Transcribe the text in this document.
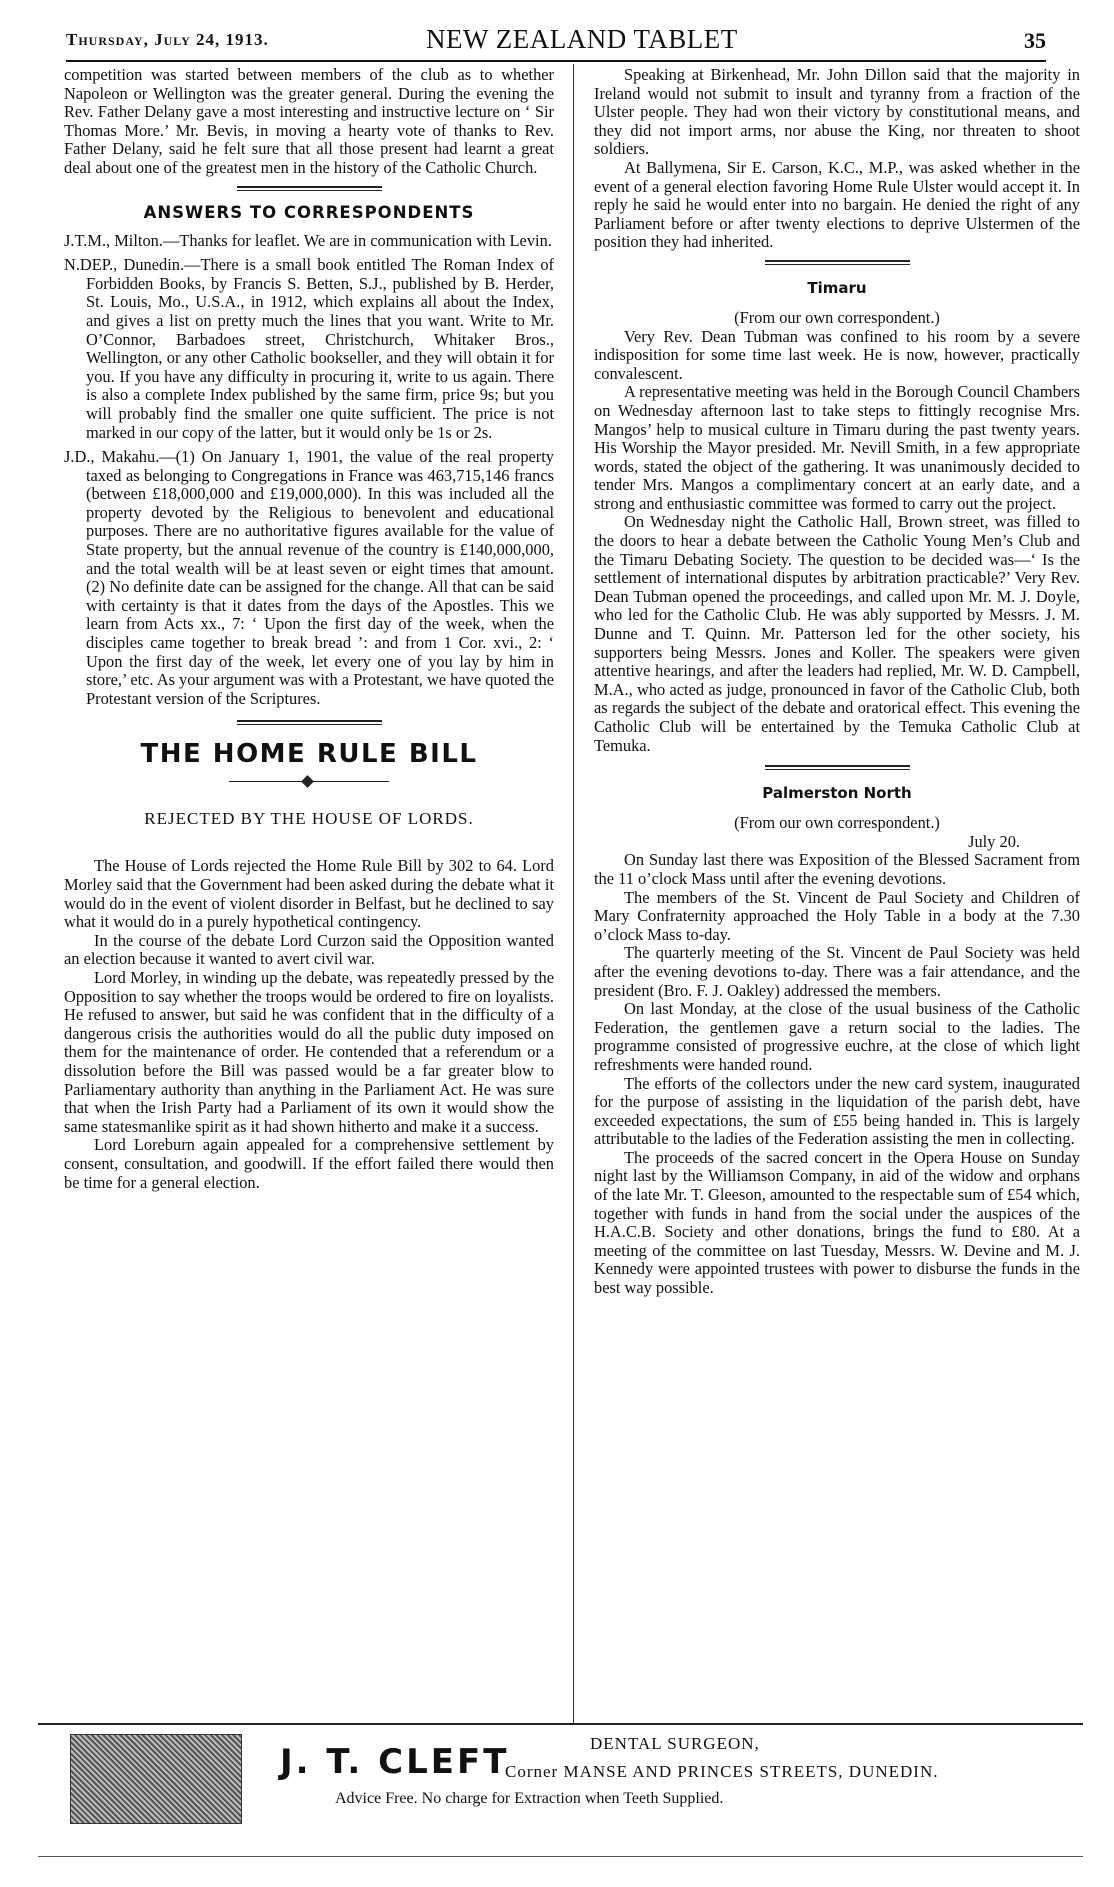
Thursday, July 24, 1913.	NEW ZEALAND TABLET	35

competition was started between members of the club as to whether Napoleon or Wellington was the greater general. During the evening the Rev. Father Delany gave a most interesting and instructive lecture on ‘ Sir Thomas More.’ Mr. Bevis, in moving a hearty vote of thanks to Rev. Father Delany, said he felt sure that all those present had learnt a great deal about one of the greatest men in the history of the Catholic Church.

ANSWERS TO CORRESPONDENTS

J.T.M., Milton.—Thanks for leaflet. We are in communication with Levin.

N.DEP., Dunedin.—There is a small book entitled The Roman Index of Forbidden Books, by Francis S. Betten, S.J., published by B. Herder, St. Louis, Mo., U.S.A., in 1912, which explains all about the Index, and gives a list on pretty much the lines that you want. Write to Mr. O’Connor, Barbadoes street, Christchurch, Whitaker Bros., Wellington, or any other Catholic bookseller, and they will obtain it for you. If you have any difficulty in procuring it, write to us again. There is also a complete Index published by the same firm, price 9s; but you will probably find the smaller one quite sufficient. The price is not marked in our copy of the latter, but it would only be 1s or 2s.

J.D., Makahu.—(1) On January 1, 1901, the value of the real property taxed as belonging to Congregations in France was 463,715,146 francs (between £18,000,000 and £19,000,000). In this was included all the property devoted by the Religious to benevolent and educational purposes. There are no authoritative figures available for the value of State property, but the annual revenue of the country is £140,000,000, and the total wealth will be at least seven or eight times that amount. (2) No definite date can be assigned for the change. All that can be said with certainty is that it dates from the days of the Apostles. This we learn from Acts xx., 7: ‘ Upon the first day of the week, when the disciples came together to break bread ’: and from 1 Cor. xvi., 2: ‘ Upon the first day of the week, let every one of you lay by him in store,’ etc. As your argument was with a Protestant, we have quoted the Protestant version of the Scriptures.

THE HOME RULE BILL
REJECTED BY THE HOUSE OF LORDS.

The House of Lords rejected the Home Rule Bill by 302 to 64. Lord Morley said that the Government had been asked during the debate what it would do in the event of violent disorder in Belfast, but he declined to say what it would do in a purely hypothetical contingency.

In the course of the debate Lord Curzon said the Opposition wanted an election because it wanted to avert civil war.

Lord Morley, in winding up the debate, was repeatedly pressed by the Opposition to say whether the troops would be ordered to fire on loyalists. He refused to answer, but said he was confident that in the difficulty of a dangerous crisis the authorities would do all the public duty imposed on them for the maintenance of order. He contended that a referendum or a dissolution before the Bill was passed would be a far greater blow to Parliamentary authority than anything in the Parliament Act. He was sure that when the Irish Party had a Parliament of its own it would show the same statesmanlike spirit as it had shown hitherto and make it a success.

Lord Loreburn again appealed for a comprehensive settlement by consent, consultation, and goodwill. If the effort failed there would then be time for a general election.

Speaking at Birkenhead, Mr. John Dillon said that the majority in Ireland would not submit to insult and tyranny from a fraction of the Ulster people. They had won their victory by constitutional means, and they did not import arms, nor abuse the King, nor threaten to shoot soldiers.

At Ballymena, Sir E. Carson, K.C., M.P., was asked whether in the event of a general election favoring Home Rule Ulster would accept it. In reply he said he would enter into no bargain. He denied the right of any Parliament before or after twenty elections to deprive Ulstermen of the position they had inherited.

Timaru
(From our own correspondent.)

Very Rev. Dean Tubman was confined to his room by a severe indisposition for some time last week. He is now, however, practically convalescent.

A representative meeting was held in the Borough Council Chambers on Wednesday afternoon last to take steps to fittingly recognise Mrs. Mangos’ help to musical culture in Timaru during the past twenty years. His Worship the Mayor presided. Mr. Nevill Smith, in a few appropriate words, stated the object of the gathering. It was unanimously decided to tender Mrs. Mangos a complimentary concert at an early date, and a strong and enthusiastic committee was formed to carry out the project.

On Wednesday night the Catholic Hall, Brown street, was filled to the doors to hear a debate between the Catholic Young Men’s Club and the Timaru Debating Society. The question to be decided was—‘ Is the settlement of international disputes by arbitration practicable?’ Very Rev. Dean Tubman opened the proceedings, and called upon Mr. M. J. Doyle, who led for the Catholic Club. He was ably supported by Messrs. J. M. Dunne and T. Quinn. Mr. Patterson led for the other society, his supporters being Messrs. Jones and Koller. The speakers were given attentive hearings, and after the leaders had replied, Mr. W. D. Campbell, M.A., who acted as judge, pronounced in favor of the Catholic Club, both as regards the subject of the debate and oratorical effect. This evening the Catholic Club will be entertained by the Temuka Catholic Club at Temuka.

Palmerston North
(From our own correspondent.)
July 20.

On Sunday last there was Exposition of the Blessed Sacrament from the 11 o’clock Mass until after the evening devotions.

The members of the St. Vincent de Paul Society and Children of Mary Confraternity approached the Holy Table in a body at the 7.30 o’clock Mass to-day.

The quarterly meeting of the St. Vincent de Paul Society was held after the evening devotions to-day. There was a fair attendance, and the president (Bro. F. J. Oakley) addressed the members.

On last Monday, at the close of the usual business of the Catholic Federation, the gentlemen gave a return social to the ladies. The programme consisted of progressive euchre, at the close of which light refreshments were handed round.

The efforts of the collectors under the new card system, inaugurated for the purpose of assisting in the liquidation of the parish debt, have exceeded expectations, the sum of £55 being handed in. This is largely attributable to the ladies of the Federation assisting the men in collecting.

The proceeds of the sacred concert in the Opera House on Sunday night last by the Williamson Company, in aid of the widow and orphans of the late Mr. T. Gleeson, amounted to the respectable sum of £54 which, together with funds in hand from the social under the auspices of the H.A.C.B. Society and other donations, brings the fund to £80. At a meeting of the committee on last Tuesday, Messrs. W. Devine and M. J. Kennedy were appointed trustees with power to disburse the funds in the best way possible.

J. T. CLEFT	DENTAL SURGEON,
Corner MANSE AND PRINCES STREETS, DUNEDIN.
Advice Free. No charge for Extraction when Teeth Supplied.
